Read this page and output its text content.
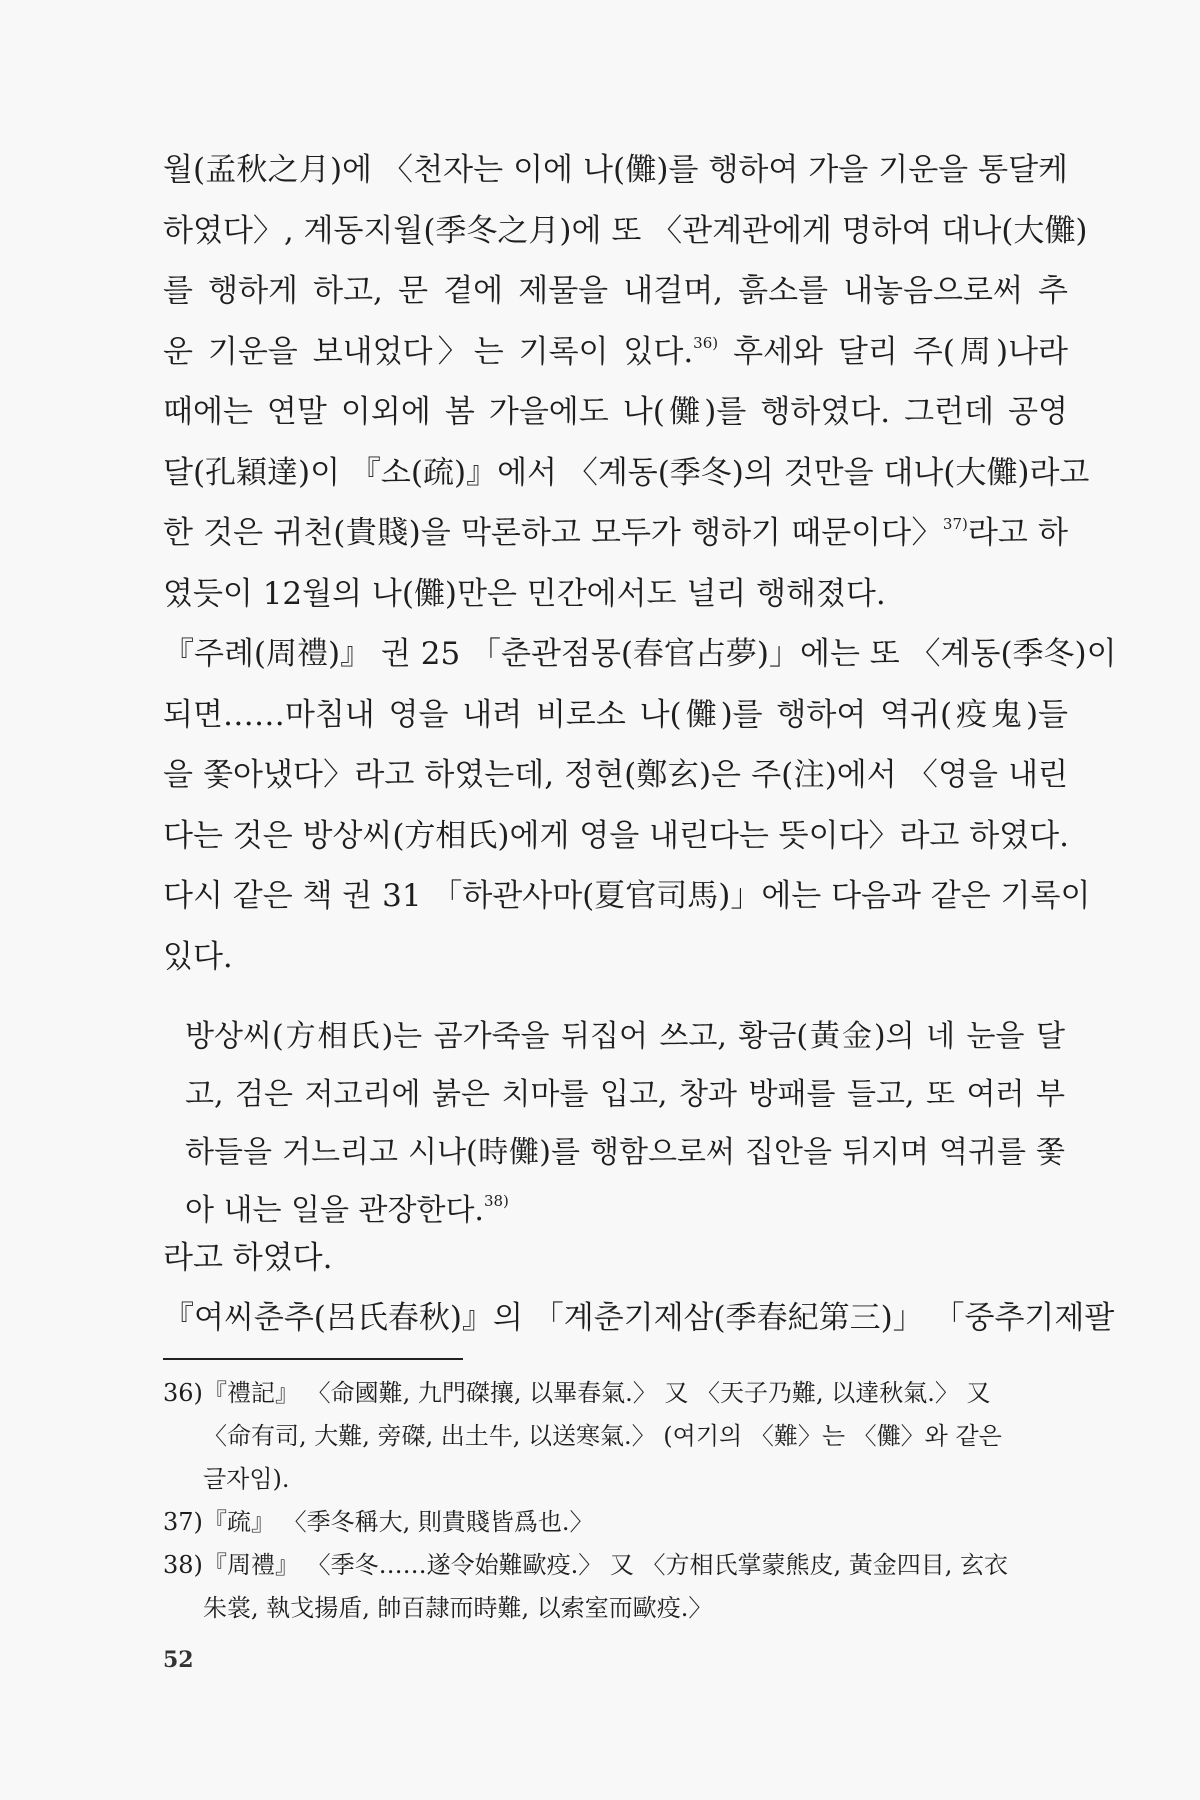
월(孟秋之月)에 〈천자는 이에 나(儺)를 행하여 가을 기운을 통달케
하였다〉, 계동지월(季冬之月)에 또 〈관계관에게 명하여 대나(大儺)
를 행하게 하고, 문 곁에 제물을 내걸며, 흙소를 내놓음으로써 추
운 기운을 보내었다〉는 기록이 있다.$^{36)}$ 후세와 달리 주(周)나라
때에는 연말 이외에 봄 가을에도 나(儺)를 행하였다. 그런데 공영
달(孔穎達)이 『소(疏)』에서 〈계동(季冬)의 것만을 대나(大儺)라고
한 것은 귀천(貴賤)을 막론하고 모두가 행하기 때문이다〉$^{37)}$라고 하
였듯이 12월의 나(儺)만은 민간에서도 널리 행해졌다.
『주례(周禮)』 권 25 「춘관점몽(春官占夢)」에는 또 〈계동(季冬)이
되면……마침내 영을 내려 비로소 나(儺)를 행하여 역귀(疫鬼)들
을 쫓아냈다〉라고 하였는데, 정현(鄭玄)은 주(注)에서 〈영을 내린
다는 것은 방상씨(方相氏)에게 영을 내린다는 뜻이다〉라고 하였다.
다시 같은 책 권 31 「하관사마(夏官司馬)」에는 다음과 같은 기록이
있다.
방상씨(方相氏)는 곰가죽을 뒤집어 쓰고, 황금(黃金)의 네 눈을 달
고, 검은 저고리에 붉은 치마를 입고, 창과 방패를 들고, 또 여러 부
하들을 거느리고 시나(時儺)를 행함으로써 집안을 뒤지며 역귀를 쫓
아 내는 일을 관장한다.$^{38)}$
라고 하였다.
『여씨춘추(呂氏春秋)』의 「계춘기제삼(季春紀第三)」 「중추기제팔
36)『禮記』 〈命國難, 九門磔攘, 以畢春氣.〉 又 〈天子乃難, 以達秋氣.〉 又
〈命有司, 大難, 旁磔, 出土牛, 以送寒氣.〉 (여기의 〈難〉는 〈儺〉와 같은
글자임).
37)『疏』 〈季冬稱大, 則貴賤皆爲也.〉
38)『周禮』 〈季冬……遂令始難歐疫.〉 又 〈方相氏掌蒙熊皮, 黃金四目, 玄衣
朱裳, 執戈揚盾, 帥百隷而時難, 以索室而歐疫.〉
52
